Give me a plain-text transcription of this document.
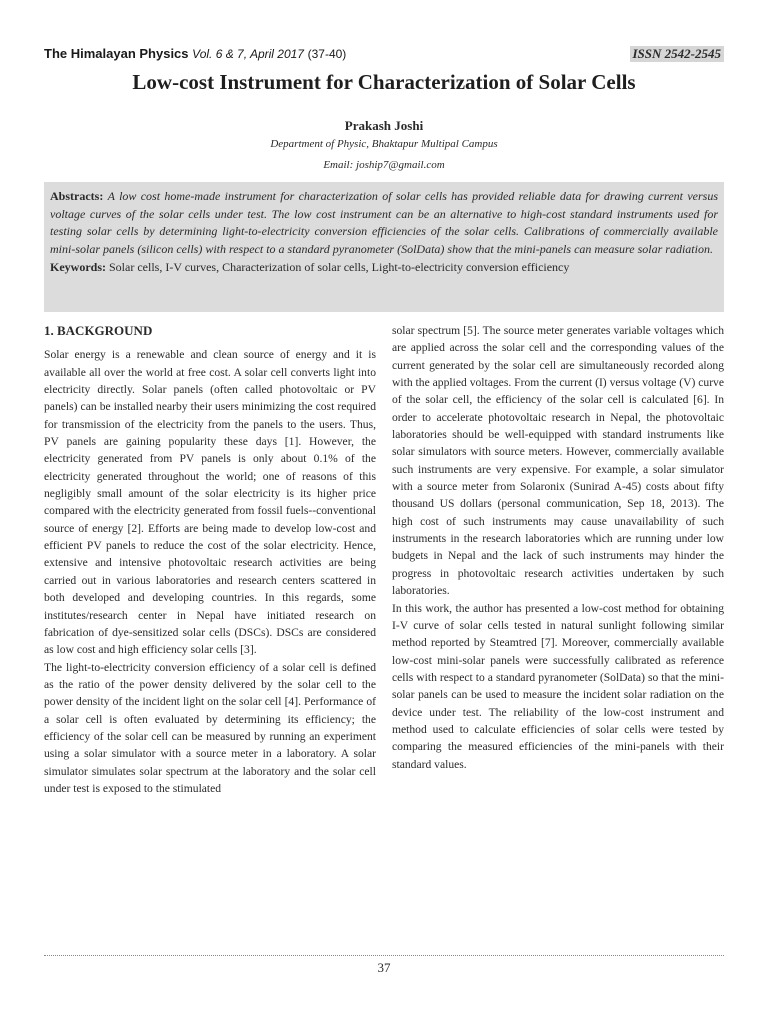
The Himalayan Physics Vol. 6 & 7, April 2017 (37-40)	ISSN 2542-2545
Low-cost Instrument for Characterization of Solar Cells
Prakash Joshi
Department of Physic, Bhaktapur Multipal Campus
Email: joship7@gmail.com
Abstracts: A low cost home-made instrument for characterization of solar cells has provided reliable data for drawing current versus voltage curves of the solar cells under test. The low cost instrument can be an alternative to high-cost standard instruments used for testing solar cells by determining light-to-electricity conversion efficiencies of the solar cells. Calibrations of commercially available mini-solar panels (silicon cells) with respect to a standard pyranometer (SolData) show that the mini-panels can measure solar radiation.
Keywords: Solar cells, I-V curves, Characterization of solar cells, Light-to-electricity conversion efficiency
1. BACKGROUND

Solar energy is a renewable and clean source of energy and it is available all over the world at free cost. A solar cell converts light into electricity directly. Solar panels (often called photovoltaic or PV panels) can be installed nearby their users minimizing the cost required for transmission of the electricity from the panels to the users. Thus, PV panels are gaining popularity these days [1]. However, the electricity generated from PV panels is only about 0.1% of the electricity generated throughout the world; one of reasons of this negligibly small amount of the solar electricity is its higher price compared with the electricity generated from fossil fuels--conventional source of energy [2]. Efforts are being made to develop low-cost and efficient PV panels to reduce the cost of the solar electricity. Hence, extensive and intensive photovoltaic research activities are being carried out in various laboratories and research centers scattered in both developed and developing countries. In this regards, some institutes/research center in Nepal have initiated research on fabrication of dye-sensitized solar cells (DSCs). DSCs are considered as low cost and high efficiency solar cells [3].

The light-to-electricity conversion efficiency of a solar cell is defined as the ratio of the power density delivered by the solar cell to the power density of the incident light on the solar cell [4]. Performance of a solar cell is often evaluated by determining its efficiency; the efficiency of the solar cell can be measured by running an experiment using a solar simulator with a source meter in a laboratory. A solar simulator simulates solar spectrum at the laboratory and the solar cell under test is exposed to the stimulated

solar spectrum [5]. The source meter generates variable voltages which are applied across the solar cell and the corresponding values of the current generated by the solar cell are simultaneously recorded along with the applied voltages. From the current (I) versus voltage (V) curve of the solar cell, the efficiency of the solar cell is calculated [6]. In order to accelerate photovoltaic research in Nepal, the photovoltaic laboratories should be well-equipped with standard instruments like solar simulators with source meters. However, commercially available such instruments are very expensive. For example, a solar simulator with a source meter from Solaronix (Sunirad A-45) costs about fifty thousand US dollars (personal communication, Sep 18, 2013). The high cost of such instruments may cause unavailability of such instruments in the research laboratories which are running under low budgets in Nepal and the lack of such instruments may hinder the progress in photovoltaic research activities undertaken by such laboratories.

In this work, the author has presented a low-cost method for obtaining I-V curve of solar cells tested in natural sunlight following similar method reported by Steamtred [7]. Moreover, commercially available low-cost mini-solar panels were successfully calibrated as reference cells with respect to a standard pyranometer (SolData) so that the mini-solar panels can be used to measure the incident solar radiation on the device under test. The reliability of the low-cost instrument and method used to calculate efficiencies of solar cells were tested by comparing the measured efficiencies of the mini-panels with their standard values.

37
